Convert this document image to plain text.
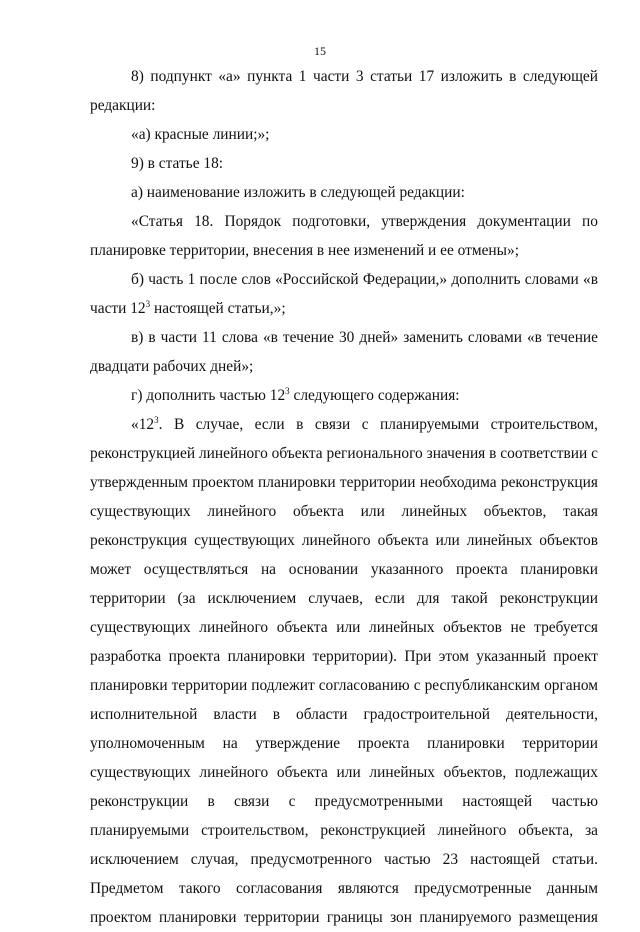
15
8) подпункт «а» пункта 1 части 3 статьи 17 изложить в следующей
редакции:

«а) красные линии;»;

9) в статье 18:

а) наименование изложить в следующей редакции:

«Статья 18. Порядок подготовки, утверждения документации по
планировке территории, внесения в нее изменений и ее отмены»;
б) часть 1 после слов «Российской Федерации,» дополнить словами «в
части $12^3$ настоящей статьи,»;
в) в части 11 слова «в течение 30 дней» заменить словами «в течение
двадцати рабочих дней»;

г) дополнить частью $12^3$ следующего содержания:

«$12^3$. В случае, если в связи с планируемыми строительством,
реконструкцией линейного объекта регионального значения в соответствии с
утвержденным проектом планировки территории необходима реконструкция
существующих линейного объекта или линейных объектов, такая
реконструкция существующих линейного объекта или линейных объектов
может осуществляться на основании указанного проекта планировки
территории (за исключением случаев, если для такой реконструкции
существующих линейного объекта или линейных объектов не требуется
разработка проекта планировки территории). При этом указанный проект
планировки территории подлежит согласованию с республиканским органом
исполнительной власти в области градостроительной деятельности,
уполномоченным на утверждение проекта планировки территории
существующих линейного объекта или линейных объектов, подлежащих
реконструкции в связи с предусмотренными настоящей частью
планируемыми строительством, реконструкцией линейного объекта, за
исключением случая, предусмотренного частью 23 настоящей статьи.
Предметом такого согласования являются предусмотренные данным
проектом планировки территории границы зон планируемого размещения
